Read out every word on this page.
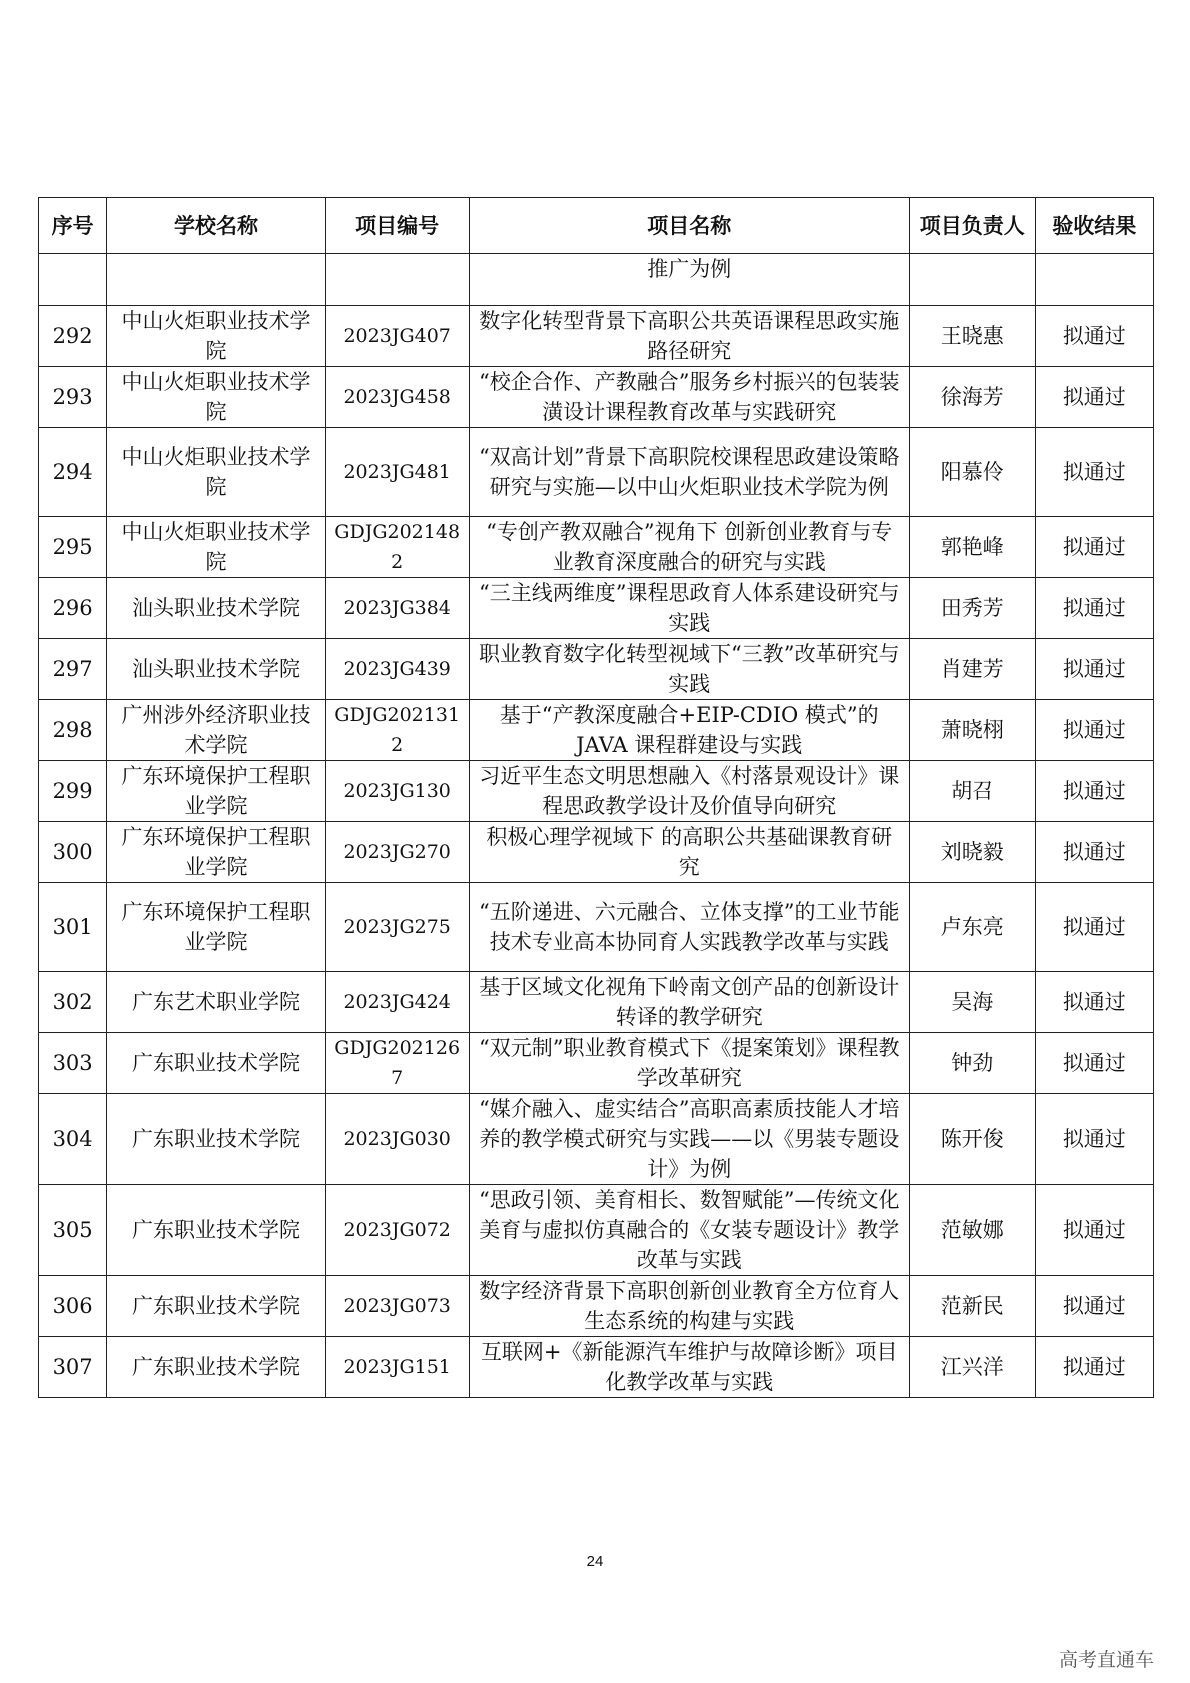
序号	学校名称	项目编号	项目名称	项目负责人	验收结果
			推广为例		
292	中山火炬职业技术学院	2023JG407	数字化转型背景下高职公共英语课程思政实施路径研究	王晓惠	拟通过
293	中山火炬职业技术学院	2023JG458	“校企合作、产教融合”服务乡村振兴的包装装潢设计课程教育改革与实践研究	徐海芳	拟通过
294	中山火炬职业技术学院	2023JG481	“双高计划”背景下高职院校课程思政建设策略研究与实施—以中山火炬职业技术学院为例	阳慕伶	拟通过
295	中山火炬职业技术学院	GDJG2021482	“专创产教双融合”视角下 创新创业教育与专业教育深度融合的研究与实践	郭艳峰	拟通过
296	汕头职业技术学院	2023JG384	“三主线两维度”课程思政育人体系建设研究与实践	田秀芳	拟通过
297	汕头职业技术学院	2023JG439	职业教育数字化转型视域下“三教”改革研究与实践	肖建芳	拟通过
298	广州涉外经济职业技术学院	GDJG2021312	基于“产教深度融合+EIP-CDIO 模式”的 JAVA 课程群建设与实践	萧晓栩	拟通过
299	广东环境保护工程职业学院	2023JG130	习近平生态文明思想融入《村落景观设计》课程思政教学设计及价值导向研究	胡召	拟通过
300	广东环境保护工程职业学院	2023JG270	积极心理学视域下 的高职公共基础课教育研究	刘晓毅	拟通过
301	广东环境保护工程职业学院	2023JG275	“五阶递进、六元融合、立体支撑”的工业节能技术专业高本协同育人实践教学改革与实践	卢东亮	拟通过
302	广东艺术职业学院	2023JG424	基于区域文化视角下岭南文创产品的创新设计转译的教学研究	吴海	拟通过
303	广东职业技术学院	GDJG2021267	“双元制”职业教育模式下《提案策划》课程教学改革研究	钟劲	拟通过
304	广东职业技术学院	2023JG030	“媒介融入、虚实结合”高职高素质技能人才培养的教学模式研究与实践——以《男装专题设计》为例	陈开俊	拟通过
305	广东职业技术学院	2023JG072	“思政引领、美育相长、数智赋能”—传统文化美育与虚拟仿真融合的《女装专题设计》教学改革与实践	范敏娜	拟通过
306	广东职业技术学院	2023JG073	数字经济背景下高职创新创业教育全方位育人生态系统的构建与实践	范新民	拟通过
307	广东职业技术学院	2023JG151	互联网+《新能源汽车维护与故障诊断》项目化教学改革与实践	江兴洋	拟通过
24
高考直通车
